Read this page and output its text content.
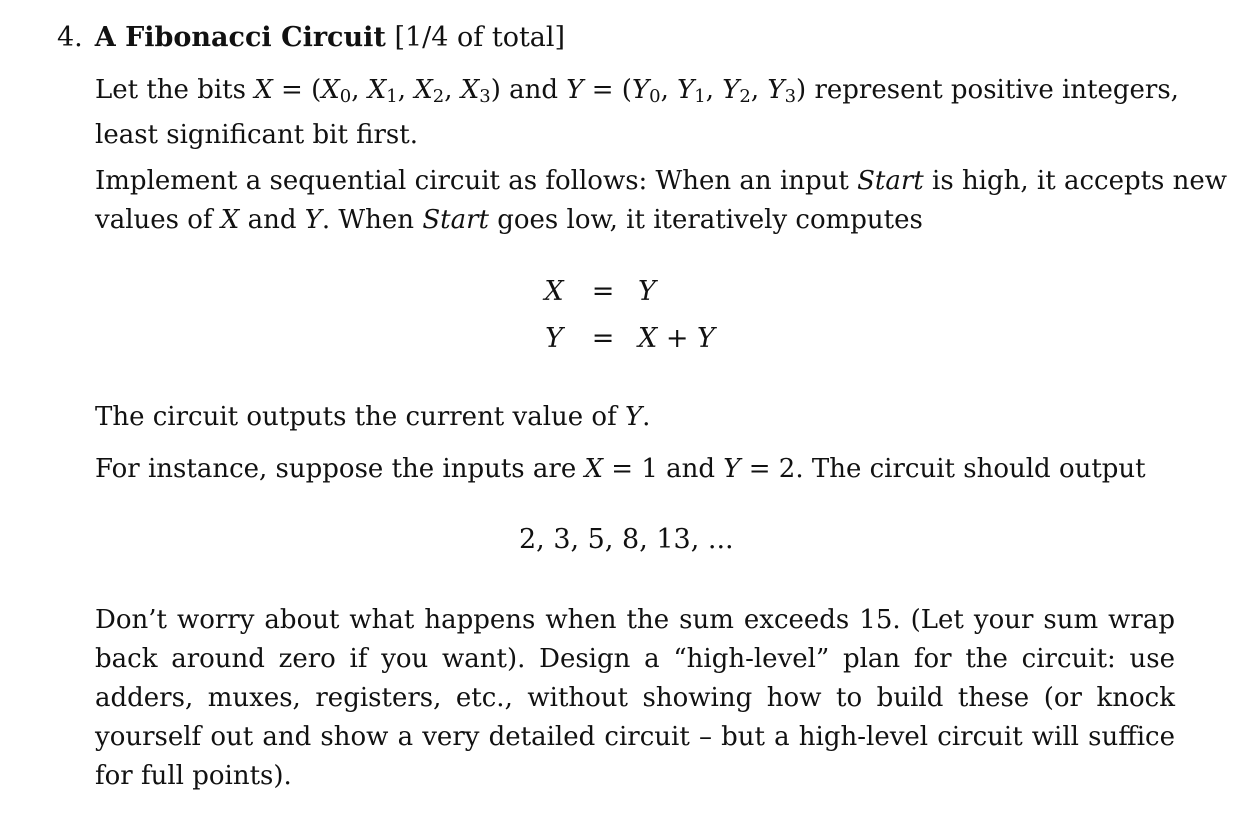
4. A Fibonacci Circuit [1/4 of total]
Let the bits X = (X0, X1, X2, X3) and Y = (Y0, Y1, Y2, Y3) represent positive integers,
least significant bit first.
Implement a sequential circuit as follows: When an input Start is high, it accepts new
values of X and Y. When Start goes low, it iteratively computes
X	= Y
Y	= X + Y
The circuit outputs the current value of Y.
For instance, suppose the inputs are X = 1 and Y = 2. The circuit should output
2, 3, 5, 8, 13, ...
Don’t worry about what happens when the sum exceeds 15. (Let your sum wrap back around zero if you want). Design a “high-level” plan for the circuit: use adders, muxes, registers, etc., without showing how to build these (or knock yourself out and show a very detailed circuit – but a high-level circuit will suffice for full points).
